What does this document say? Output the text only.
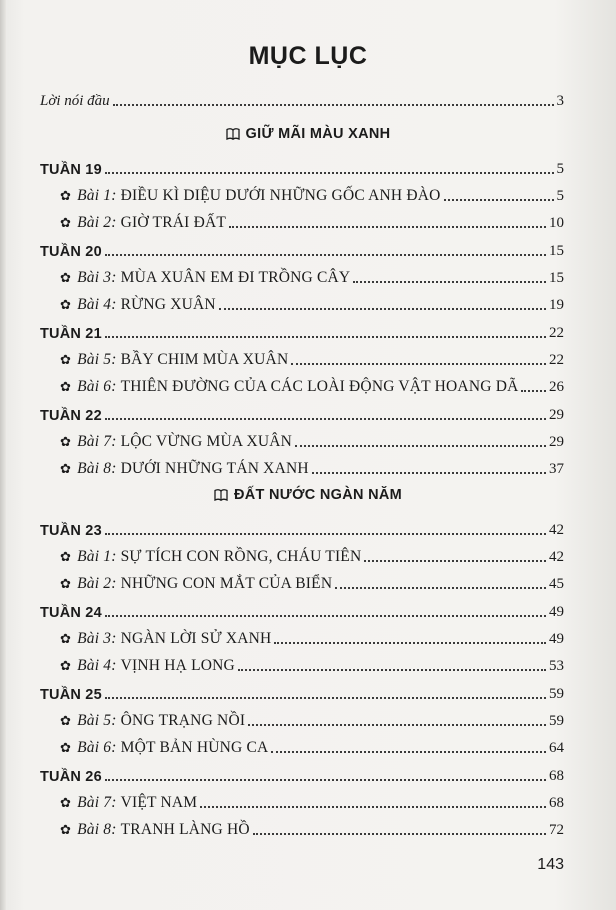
MỤC LỤC
Lời nói đầu	3
GIỮ MÃI MÀU XANH
TUẦN 19	5
✿ Bài 1: ĐIỀU KÌ DIỆU DƯỚI NHỮNG GỐC ANH ĐÀO	5
✿ Bài 2: GIỜ TRÁI ĐẤT	10
TUẦN 20	15
✿ Bài 3: MÙA XUÂN EM ĐI TRỒNG CÂY	15
✿ Bài 4: RỪNG XUÂN	19
TUẦN 21	22
✿ Bài 5: BẦY CHIM MÙA XUÂN	22
✿ Bài 6: THIÊN ĐƯỜNG CỦA CÁC LOÀI ĐỘNG VẬT HOANG DÃ 26
TUẦN 22	29
✿ Bài 7: LỘC VỪNG MÙA XUÂN	29
✿ Bài 8: DƯỚI NHỮNG TÁN XANH	37
ĐẤT NƯỚC NGÀN NĂM
TUẦN 23	42
✿ Bài 1: SỰ TÍCH CON RỒNG, CHÁU TIÊN	42
✿ Bài 2: NHỮNG CON MẮT CỦA BIỂN	45
TUẦN 24	49
✿ Bài 3: NGÀN LỜI SỬ XANH	49
✿ Bài 4: VỊNH HẠ LONG	53
TUẦN 25	59
✿ Bài 5: ÔNG TRẠNG NỒI	59
✿ Bài 6: MỘT BẢN HÙNG CA	64
TUẦN 26	68
✿ Bài 7: VIỆT NAM	68
✿ Bài 8: TRANH LÀNG HỒ	72
143
